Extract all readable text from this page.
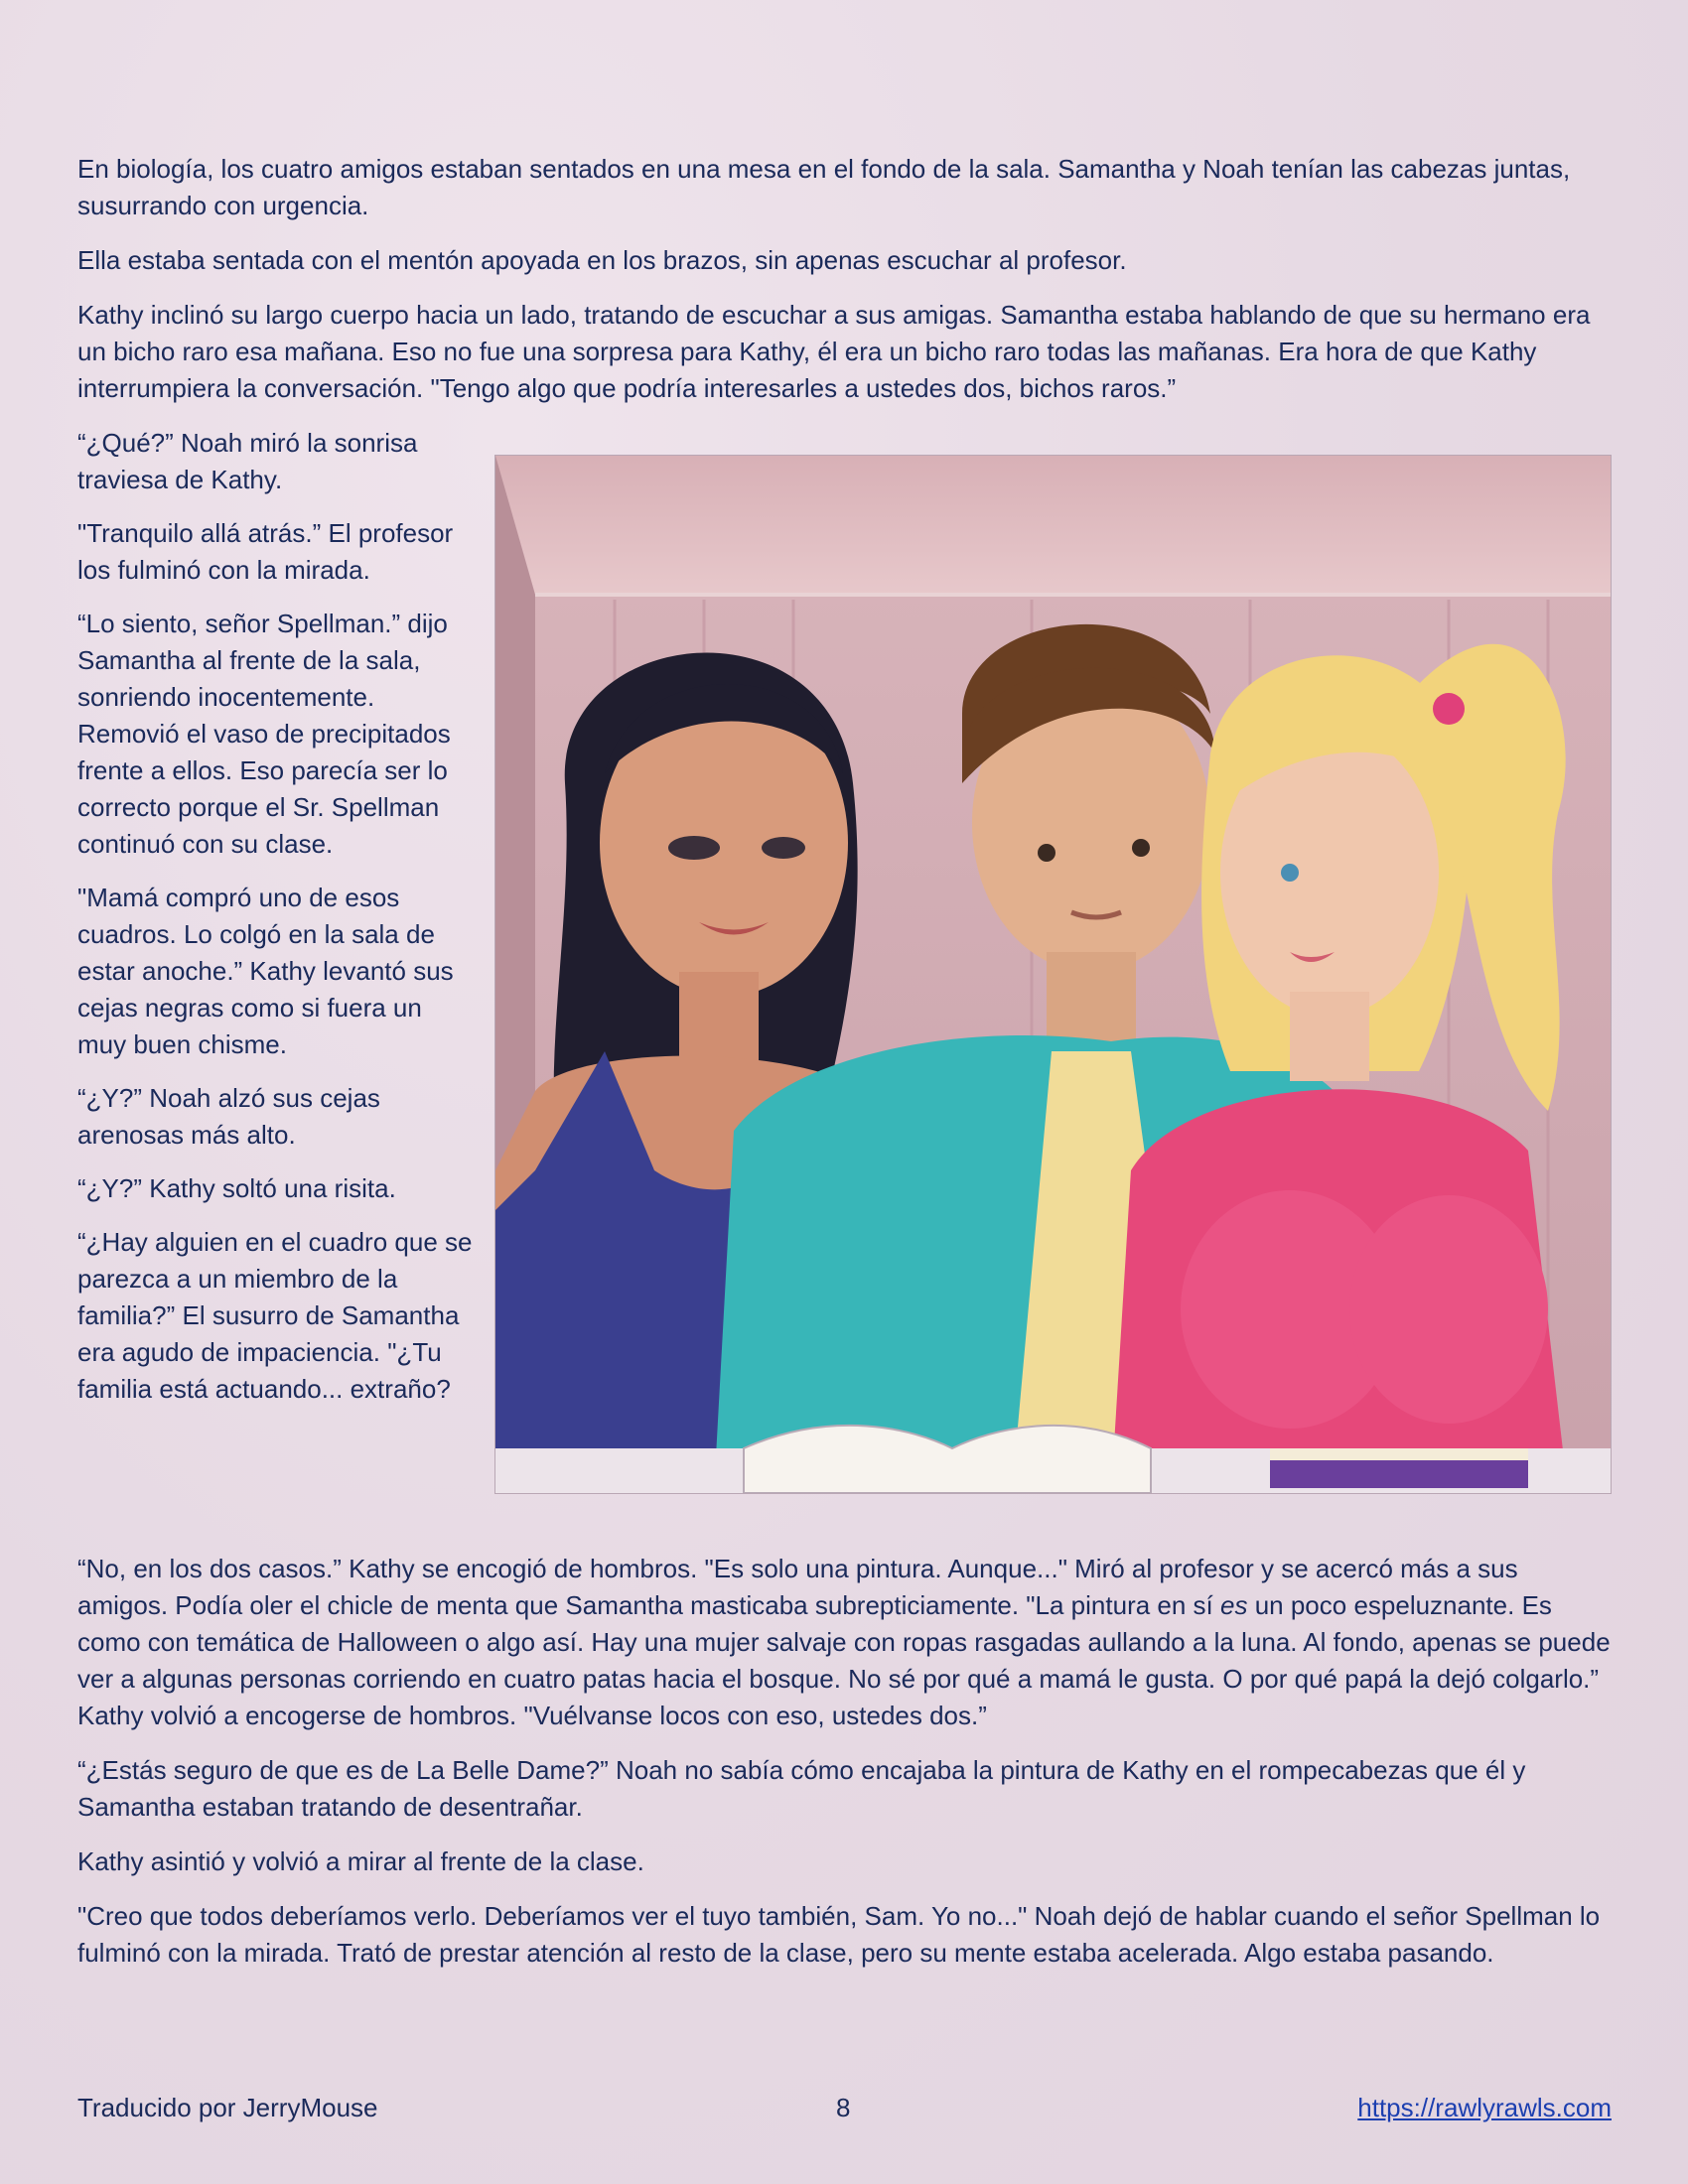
En biología, los cuatro amigos estaban sentados en una mesa en el fondo de la sala. Samantha y Noah tenían las cabezas juntas, susurrando con urgencia.

Ella estaba sentada con el mentón apoyada en los brazos, sin apenas escuchar al profesor.

Kathy inclinó su largo cuerpo hacia un lado, tratando de escuchar a sus amigas. Samantha estaba hablando de que su hermano era un bicho raro esa mañana. Eso no fue una sorpresa para Kathy, él era un bicho raro todas las mañanas. Era hora de que Kathy interrumpiera la conversación. "Tengo algo que podría interesarles a ustedes dos, bichos raros.”

“¿Qué?” Noah miró la sonrisa traviesa de Kathy.

"Tranquilo allá atrás.” El profesor los fulminó con la mirada.

“Lo siento, señor Spellman.” dijo Samantha al frente de la sala, sonriendo inocentemente. Removió el vaso de precipitados frente a ellos. Eso parecía ser lo correcto porque el Sr. Spellman continuó con su clase.

"Mamá compró uno de esos cuadros. Lo colgó en la sala de estar anoche.” Kathy levantó sus cejas negras como si fuera un muy buen chisme.

“¿Y?” Noah alzó sus cejas arenosas más alto.

“¿Y?” Kathy soltó una risita.

“¿Hay alguien en el cuadro que se parezca a un miembro de la familia?” El susurro de Samantha era agudo de impaciencia. "¿Tu familia está actuando... extraño?

“No, en los dos casos.” Kathy se encogió de hombros. "Es solo una pintura. Aunque..." Miró al profesor y se acercó más a sus amigos. Podía oler el chicle de menta que Samantha masticaba subrepticiamente. "La pintura en sí es un poco espeluznante. Es como con temática de Halloween o algo así. Hay una mujer salvaje con ropas rasgadas aullando a la luna. Al fondo, apenas se puede ver a algunas personas corriendo en cuatro patas hacia el bosque. No sé por qué a mamá le gusta. O por qué papá la dejó colgarlo.” Kathy volvió a encogerse de hombros. "Vuélvanse locos con eso, ustedes dos.”

“¿Estás seguro de que es de La Belle Dame?” Noah no sabía cómo encajaba la pintura de Kathy en el rompecabezas que él y Samantha estaban tratando de desentrañar.

Kathy asintió y volvió a mirar al frente de la clase.

"Creo que todos deberíamos verlo. Deberíamos ver el tuyo también, Sam. Yo no..." Noah dejó de hablar cuando el señor Spellman lo fulminó con la mirada. Trató de prestar atención al resto de la clase, pero su mente estaba acelerada. Algo estaba pasando.

Traducido por JerryMouse	8	https://rawlyrawls.com
